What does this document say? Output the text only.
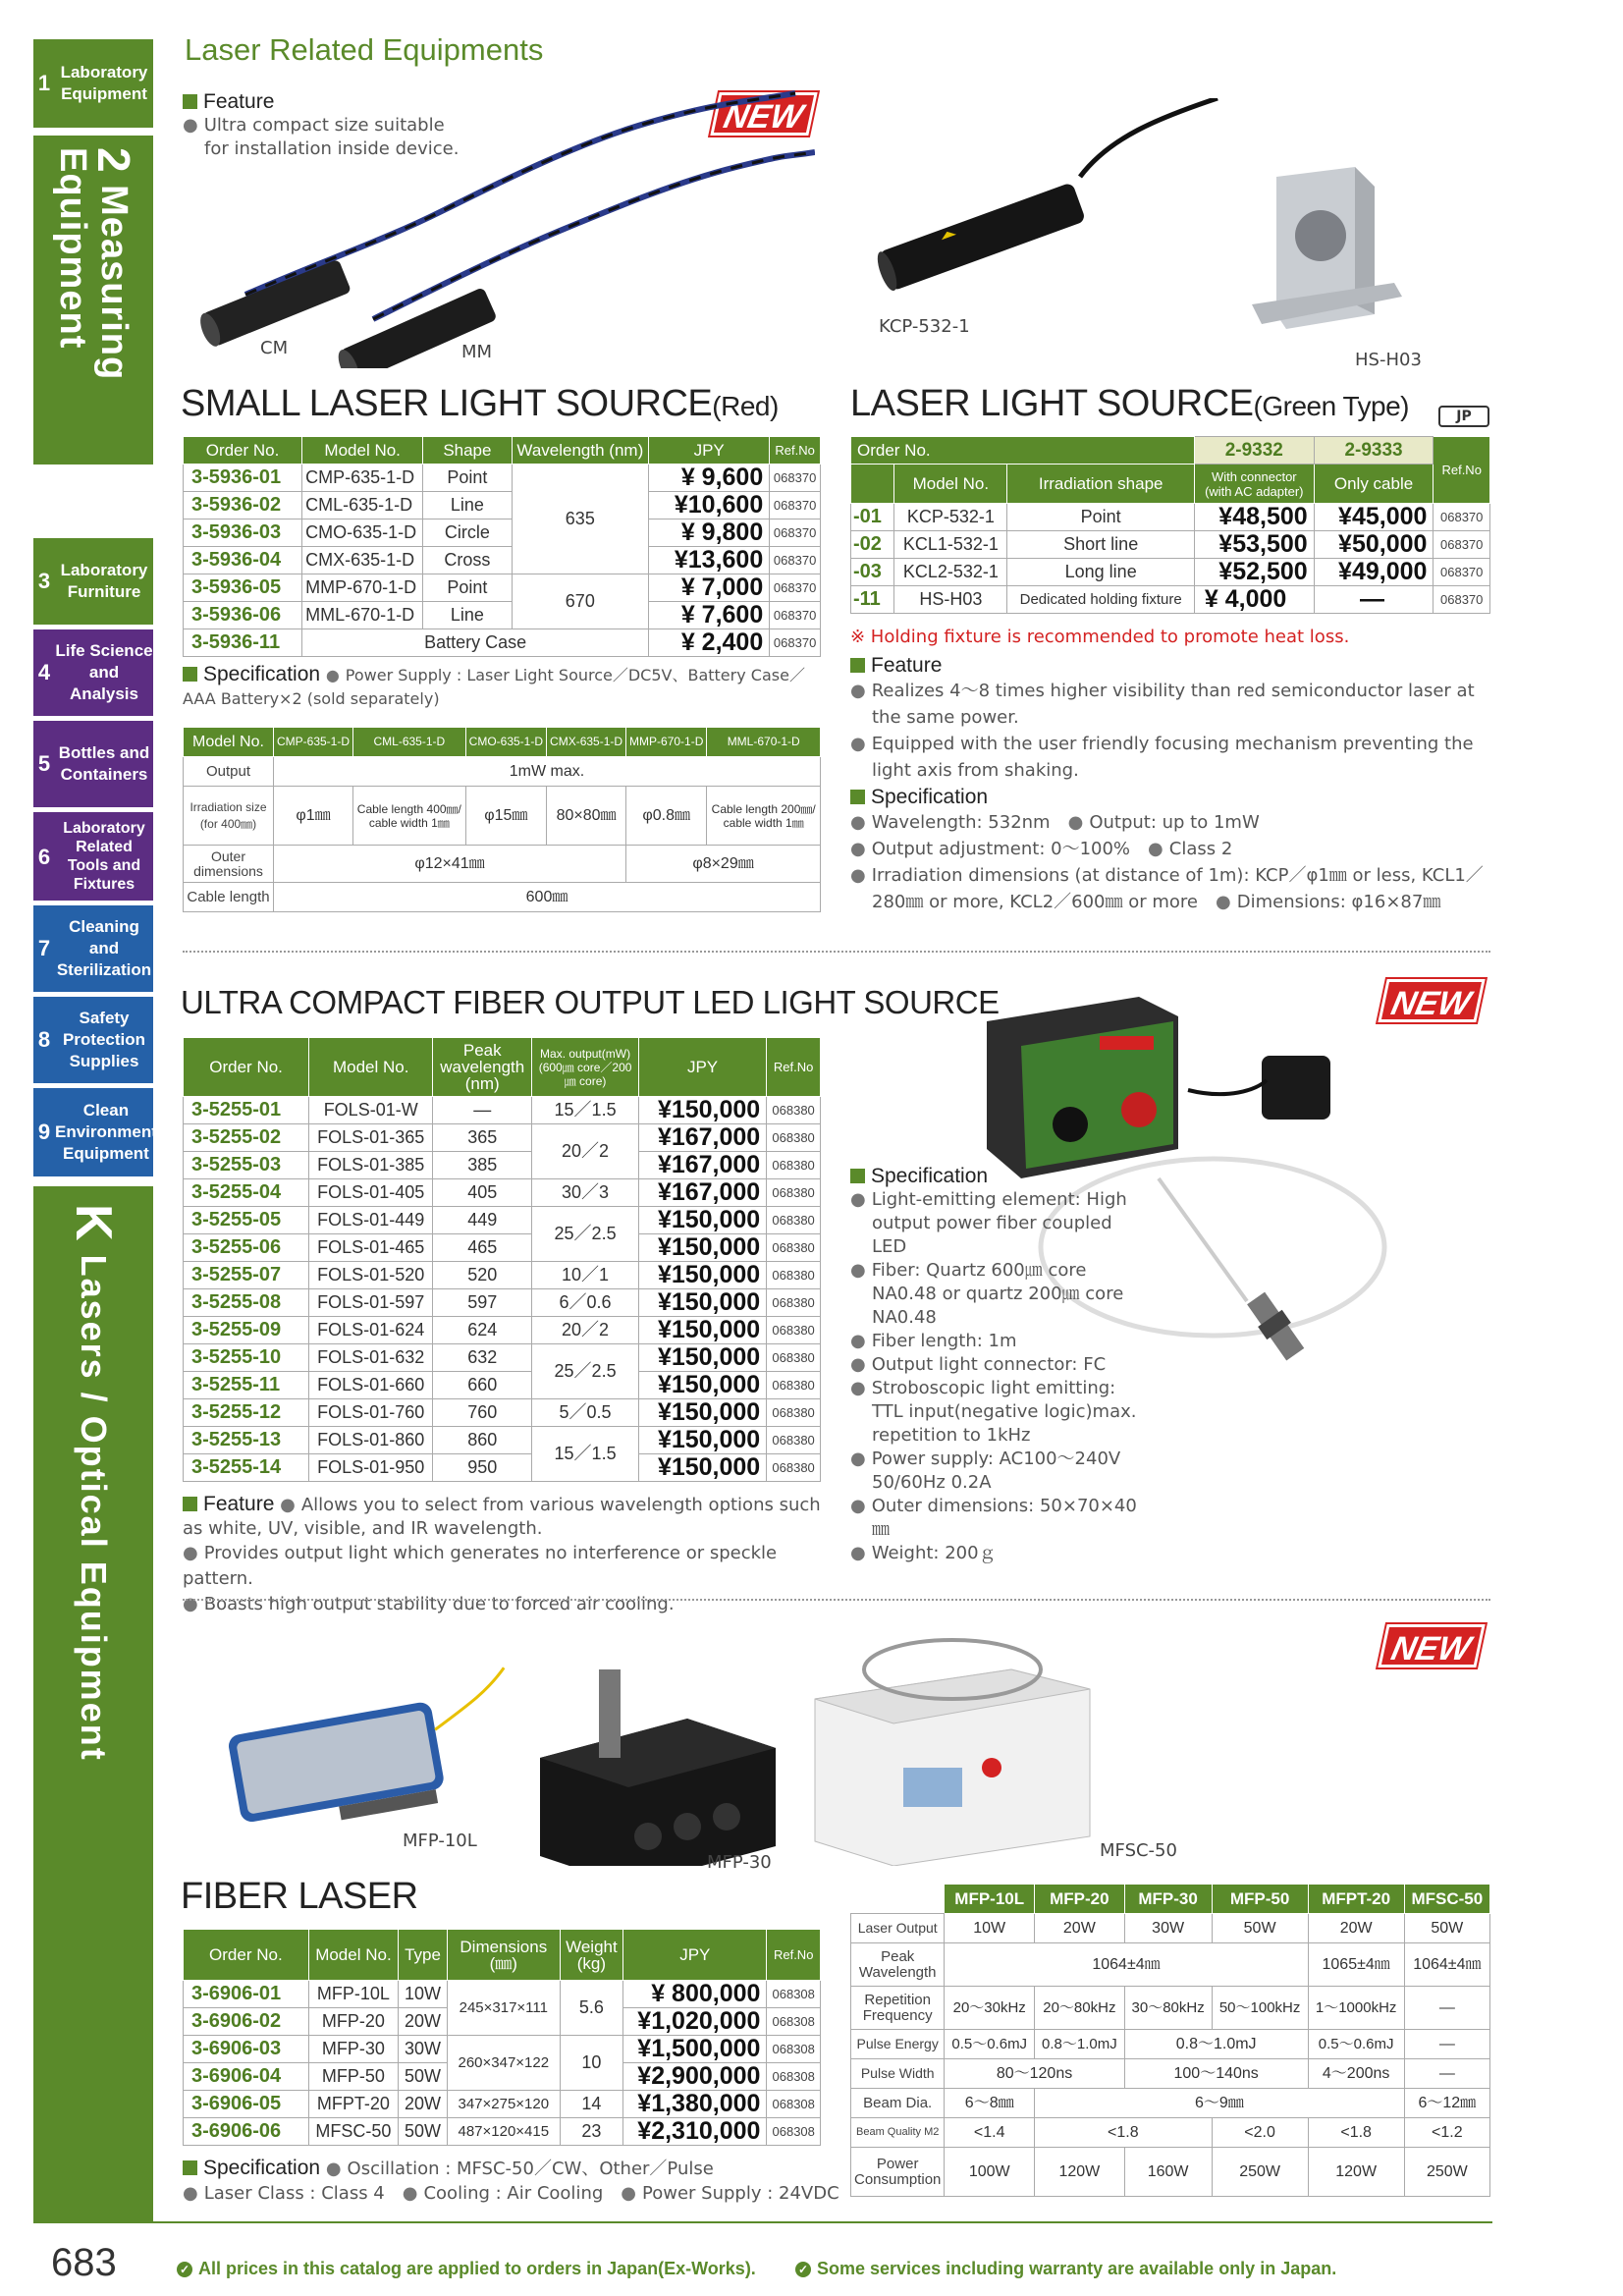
1 Laboratory Equipment
2 Measuring Equipment
3 Laboratory Furniture
4
Life Science and Analysis
5 Bottles and Containers
6
Laboratory Related Tools and Fixtures
7
Cleaning and Sterilization
8
Safety Protection Supplies
9
Clean Environment Equipment
K Lasers / Optical Equipment
Laser Related Equipments
Feature
● Ultra compact size suitable
for installation inside device.
NEW
NEW
NEW
CM	MM
KCP-532-1
HS-H03
SMALL LASER LIGHT SOURCE(Red)
Order No.	Model No.	Shape	Wavelength (nm)	JPY	Ref.No
3-5936-01	CMP-635-1-D	Point	635	¥ 9,600	068370
3-5936-02	CML-635-1-D	Line		¥10,600	068370
3-5936-03	CMO-635-1-D	Circle		¥ 9,800	068370
3-5936-04	CMX-635-1-D	Cross		¥13,600	068370
3-5936-05	MMP-670-1-D	Point	670	¥ 7,000	068370
3-5936-06	MML-670-1-D	Line		¥ 7,600	068370
3-5936-11	Battery Case			¥ 2,400	068370
Specification ● Power Supply : Laser Light Source／DC5V、Battery Case／AAA Battery×2 (sold separately)
Model No.	CMP-635-1-D	CML-635-1-D	CMO-635-1-D	CMX-635-1-D	MMP-670-1-D	MML-670-1-D
Output	1mW max.					
Irradiation size (for 400㎜)	φ1㎜	Cable length 400㎜/ cable width 1㎜	φ15㎜	80×80㎜	φ0.8㎜	Cable length 200㎜/ cable width 1㎜
Outer dimensions	φ12×41㎜				φ8×29㎜	
Cable length	600㎜					
LASER LIGHT SOURCE(Green Type)	JP
Order No.			2-9332	2-9333	Ref.No
	Model No.	Irradiation shape	With connector (with AC adapter)	Only cable	
-01	KCP-532-1	Point	¥48,500	¥45,000	068370
-02	KCL1-532-1	Short line	¥53,500	¥50,000	068370
-03	KCL2-532-1	Long line	¥52,500	¥49,000	068370
-11	HS-H03	Dedicated holding fixture	¥ 4,000	—	068370
※ Holding fixture is recommended to promote heat loss.
Feature
● Realizes 4～8 times higher visibility than red semiconductor laser at the same power.
● Equipped with the user friendly focusing mechanism preventing the light axis from shaking.
Specification
● Wavelength: 532nm　 ● Output: up to 1mW
● Output adjustment: 0～100%　 ● Class 2
● Irradiation dimensions (at distance of 1m): KCP／φ1㎜ or less, KCL1／280㎜ or more, KCL2／600㎜ or more　 ● Dimensions: φ16×87㎜
ULTRA COMPACT FIBER OUTPUT LED LIGHT SOURCE
Order No.	Model No.	Peak wavelength (nm)	Max. output(mW) (600㎛ core／200㎛ core)	JPY	Ref.No
3-5255-01	FOLS-01-W	—	15／1.5	¥150,000	068380
3-5255-02	FOLS-01-365	365	20／2	¥167,000	068380
3-5255-03	FOLS-01-385	385		¥167,000	068380
3-5255-04	FOLS-01-405	405	30／3	¥167,000	068380
3-5255-05	FOLS-01-449	449	25／2.5	¥150,000	068380
3-5255-06	FOLS-01-465	465		¥150,000	068380
3-5255-07	FOLS-01-520	520	10／1	¥150,000	068380
3-5255-08	FOLS-01-597	597	6／0.6	¥150,000	068380
3-5255-09	FOLS-01-624	624	20／2	¥150,000	068380
3-5255-10	FOLS-01-632	632	25／2.5	¥150,000	068380
3-5255-11	FOLS-01-660	660		¥150,000	068380
3-5255-12	FOLS-01-760	760	5／0.5	¥150,000	068380
3-5255-13	FOLS-01-860	860	15／1.5	¥150,000	068380
3-5255-14	FOLS-01-950	950		¥150,000	068380
Feature ● Allows you to select from various wavelength options such as white, UV, visible, and IR wavelength.
● Provides output light which generates no interference or speckle pattern.
● Boasts high output stability due to forced air cooling.
Specification
● Light-emitting element: High output power fiber coupled LED
● Fiber: Quartz 600㎛ core NA0.48 or quartz 200㎛ core NA0.48
● Fiber length: 1m
● Output light connector: FC
● Stroboscopic light emitting: TTL input(negative logic)max. repetition to 1kHz
● Power supply: AC100～240V 50/60Hz 0.2A
● Outer dimensions: 50×70×40㎜
● Weight: 200ｇ
MFP-10L
MFP-30
MFSC-50
FIBER LASER
Order No.	Model No.	Type	Dimensions (㎜)	Weight (kg)	JPY	Ref.No
3-6906-01	MFP-10L	10W	245×317×111	5.6	¥ 800,000	068308
3-6906-02	MFP-20	20W			¥1,020,000	068308
3-6906-03	MFP-30	30W	260×347×122	10	¥1,500,000	068308
3-6906-04	MFP-50	50W			¥2,900,000	068308
3-6906-05	MFPT-20	20W	347×275×120	14	¥1,380,000	068308
3-6906-06	MFSC-50	50W	487×120×415	23	¥2,310,000	068308
Specification ● Oscillation : MFSC-50／CW、Other／Pulse
● Laser Class : Class 4　 ● Cooling : Air Cooling　 ● Power Supply : 24VDC
	MFP-10L	MFP-20	MFP-30	MFP-50	MFPT-20	MFSC-50
Laser Output	10W	20W	30W	50W	20W	50W
Peak Wavelength	1064±4㎚				1065±4㎚	1064±4㎚
Repetition Frequency	20～30kHz	20～80kHz	30～80kHz	50～100kHz	1～1000kHz	—
Pulse Energy	0.5～0.6mJ	0.8～1.0mJ	0.8～1.0mJ		0.5～0.6mJ	—
Pulse Width	80～120ns		100～140ns		4～200ns	—
Beam Dia.	6～8㎜	6～9㎜				6～12㎜
Beam Quality M2	<1.4	<1.8		<2.0	<1.8	<1.2
Power Consumption	100W	120W	160W	250W	120W	250W
683	✓ All prices in this catalog are applied to orders in Japan(Ex-Works).	✓ Some services including warranty are available only in Japan.
